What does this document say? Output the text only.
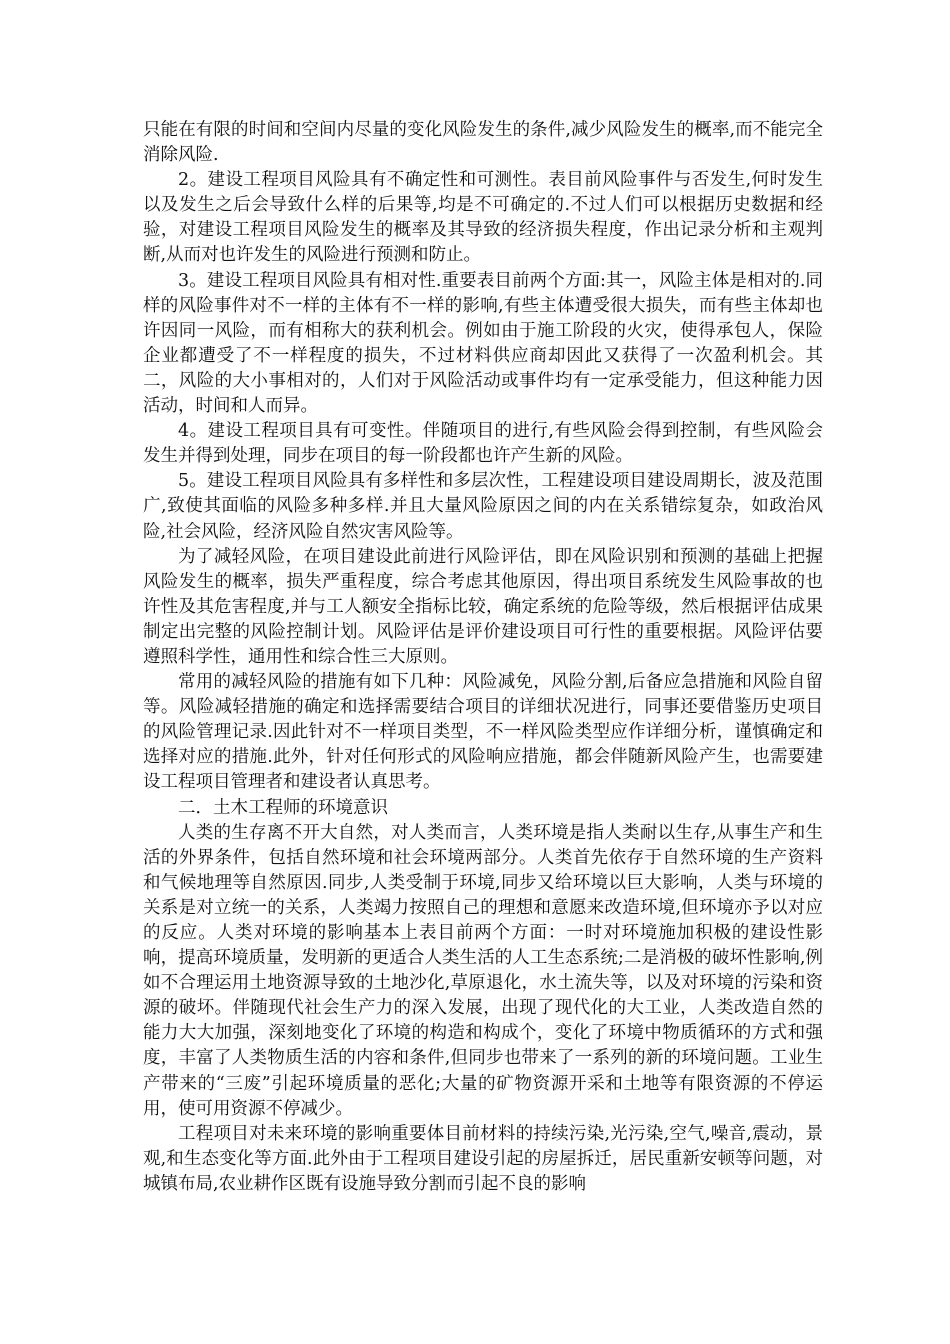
只能在有限的时间和空间内尽量的变化风险发生的条件,减少风险发生的概率,而不能完全消除风险.

2。建设工程项目风险具有不确定性和可测性。表目前风险事件与否发生,何时发生以及发生之后会导致什么样的后果等,均是不可确定的.不过人们可以根据历史数据和经验，对建设工程项目风险发生的概率及其导致的经济损失程度，作出记录分析和主观判断,从而对也许发生的风险进行预测和防止。

3。建设工程项目风险具有相对性.重要表目前两个方面:其一，风险主体是相对的.同样的风险事件对不一样的主体有不一样的影响,有些主体遭受很大损失，而有些主体却也许因同一风险，而有相称大的获利机会。例如由于施工阶段的火灾，使得承包人，保险企业都遭受了不一样程度的损失，不过材料供应商却因此又获得了一次盈利机会。其二，风险的大小事相对的，人们对于风险活动或事件均有一定承受能力，但这种能力因活动，时间和人而异。

4。建设工程项目具有可变性。伴随项目的进行,有些风险会得到控制，有些风险会发生并得到处理，同步在项目的每一阶段都也许产生新的风险。

5。建设工程项目风险具有多样性和多层次性，工程建设项目建设周期长，波及范围广,致使其面临的风险多种多样.并且大量风险原因之间的内在关系错综复杂，如政治风险,社会风险，经济风险自然灾害风险等。

为了减轻风险，在项目建设此前进行风险评估，即在风险识别和预测的基础上把握风险发生的概率，损失严重程度，综合考虑其他原因，得出项目系统发生风险事故的也许性及其危害程度,并与工人额安全指标比较，确定系统的危险等级，然后根据评估成果制定出完整的风险控制计划。风险评估是评价建设项目可行性的重要根据。风险评估要遵照科学性，通用性和综合性三大原则。

常用的减轻风险的措施有如下几种：风险减免，风险分割,后备应急措施和风险自留等。风险减轻措施的确定和选择需要结合项目的详细状况进行，同事还要借鉴历史项目的风险管理记录.因此针对不一样项目类型，不一样风险类型应作详细分析，谨慎确定和选择对应的措施.此外，针对任何形式的风险响应措施，都会伴随新风险产生，也需要建设工程项目管理者和建设者认真思考。

二．土木工程师的环境意识

人类的生存离不开大自然，对人类而言，人类环境是指人类耐以生存,从事生产和生活的外界条件，包括自然环境和社会环境两部分。人类首先依存于自然环境的生产资料和气候地理等自然原因.同步,人类受制于环境,同步又给环境以巨大影响，人类与环境的关系是对立统一的关系，人类竭力按照自己的理想和意愿来改造环境,但环境亦予以对应的反应。人类对环境的影响基本上表目前两个方面：一时对环境施加积极的建设性影响，提高环境质量，发明新的更适合人类生活的人工生态系统;二是消极的破坏性影响,例如不合理运用土地资源导致的土地沙化,草原退化，水土流失等，以及对环境的污染和资源的破坏。伴随现代社会生产力的深入发展，出现了现代化的大工业，人类改造自然的能力大大加强，深刻地变化了环境的构造和构成个，变化了环境中物质循环的方式和强度，丰富了人类物质生活的内容和条件,但同步也带来了一系列的新的环境问题。工业生产带来的“三废”引起环境质量的恶化;大量的矿物资源开采和土地等有限资源的不停运用，使可用资源不停减少。

工程项目对未来环境的影响重要体目前材料的持续污染,光污染,空气,噪音,震动，景观,和生态变化等方面.此外由于工程项目建设引起的房屋拆迁，居民重新安顿等问题，对城镇布局,农业耕作区既有设施导致分割而引起不良的影响
